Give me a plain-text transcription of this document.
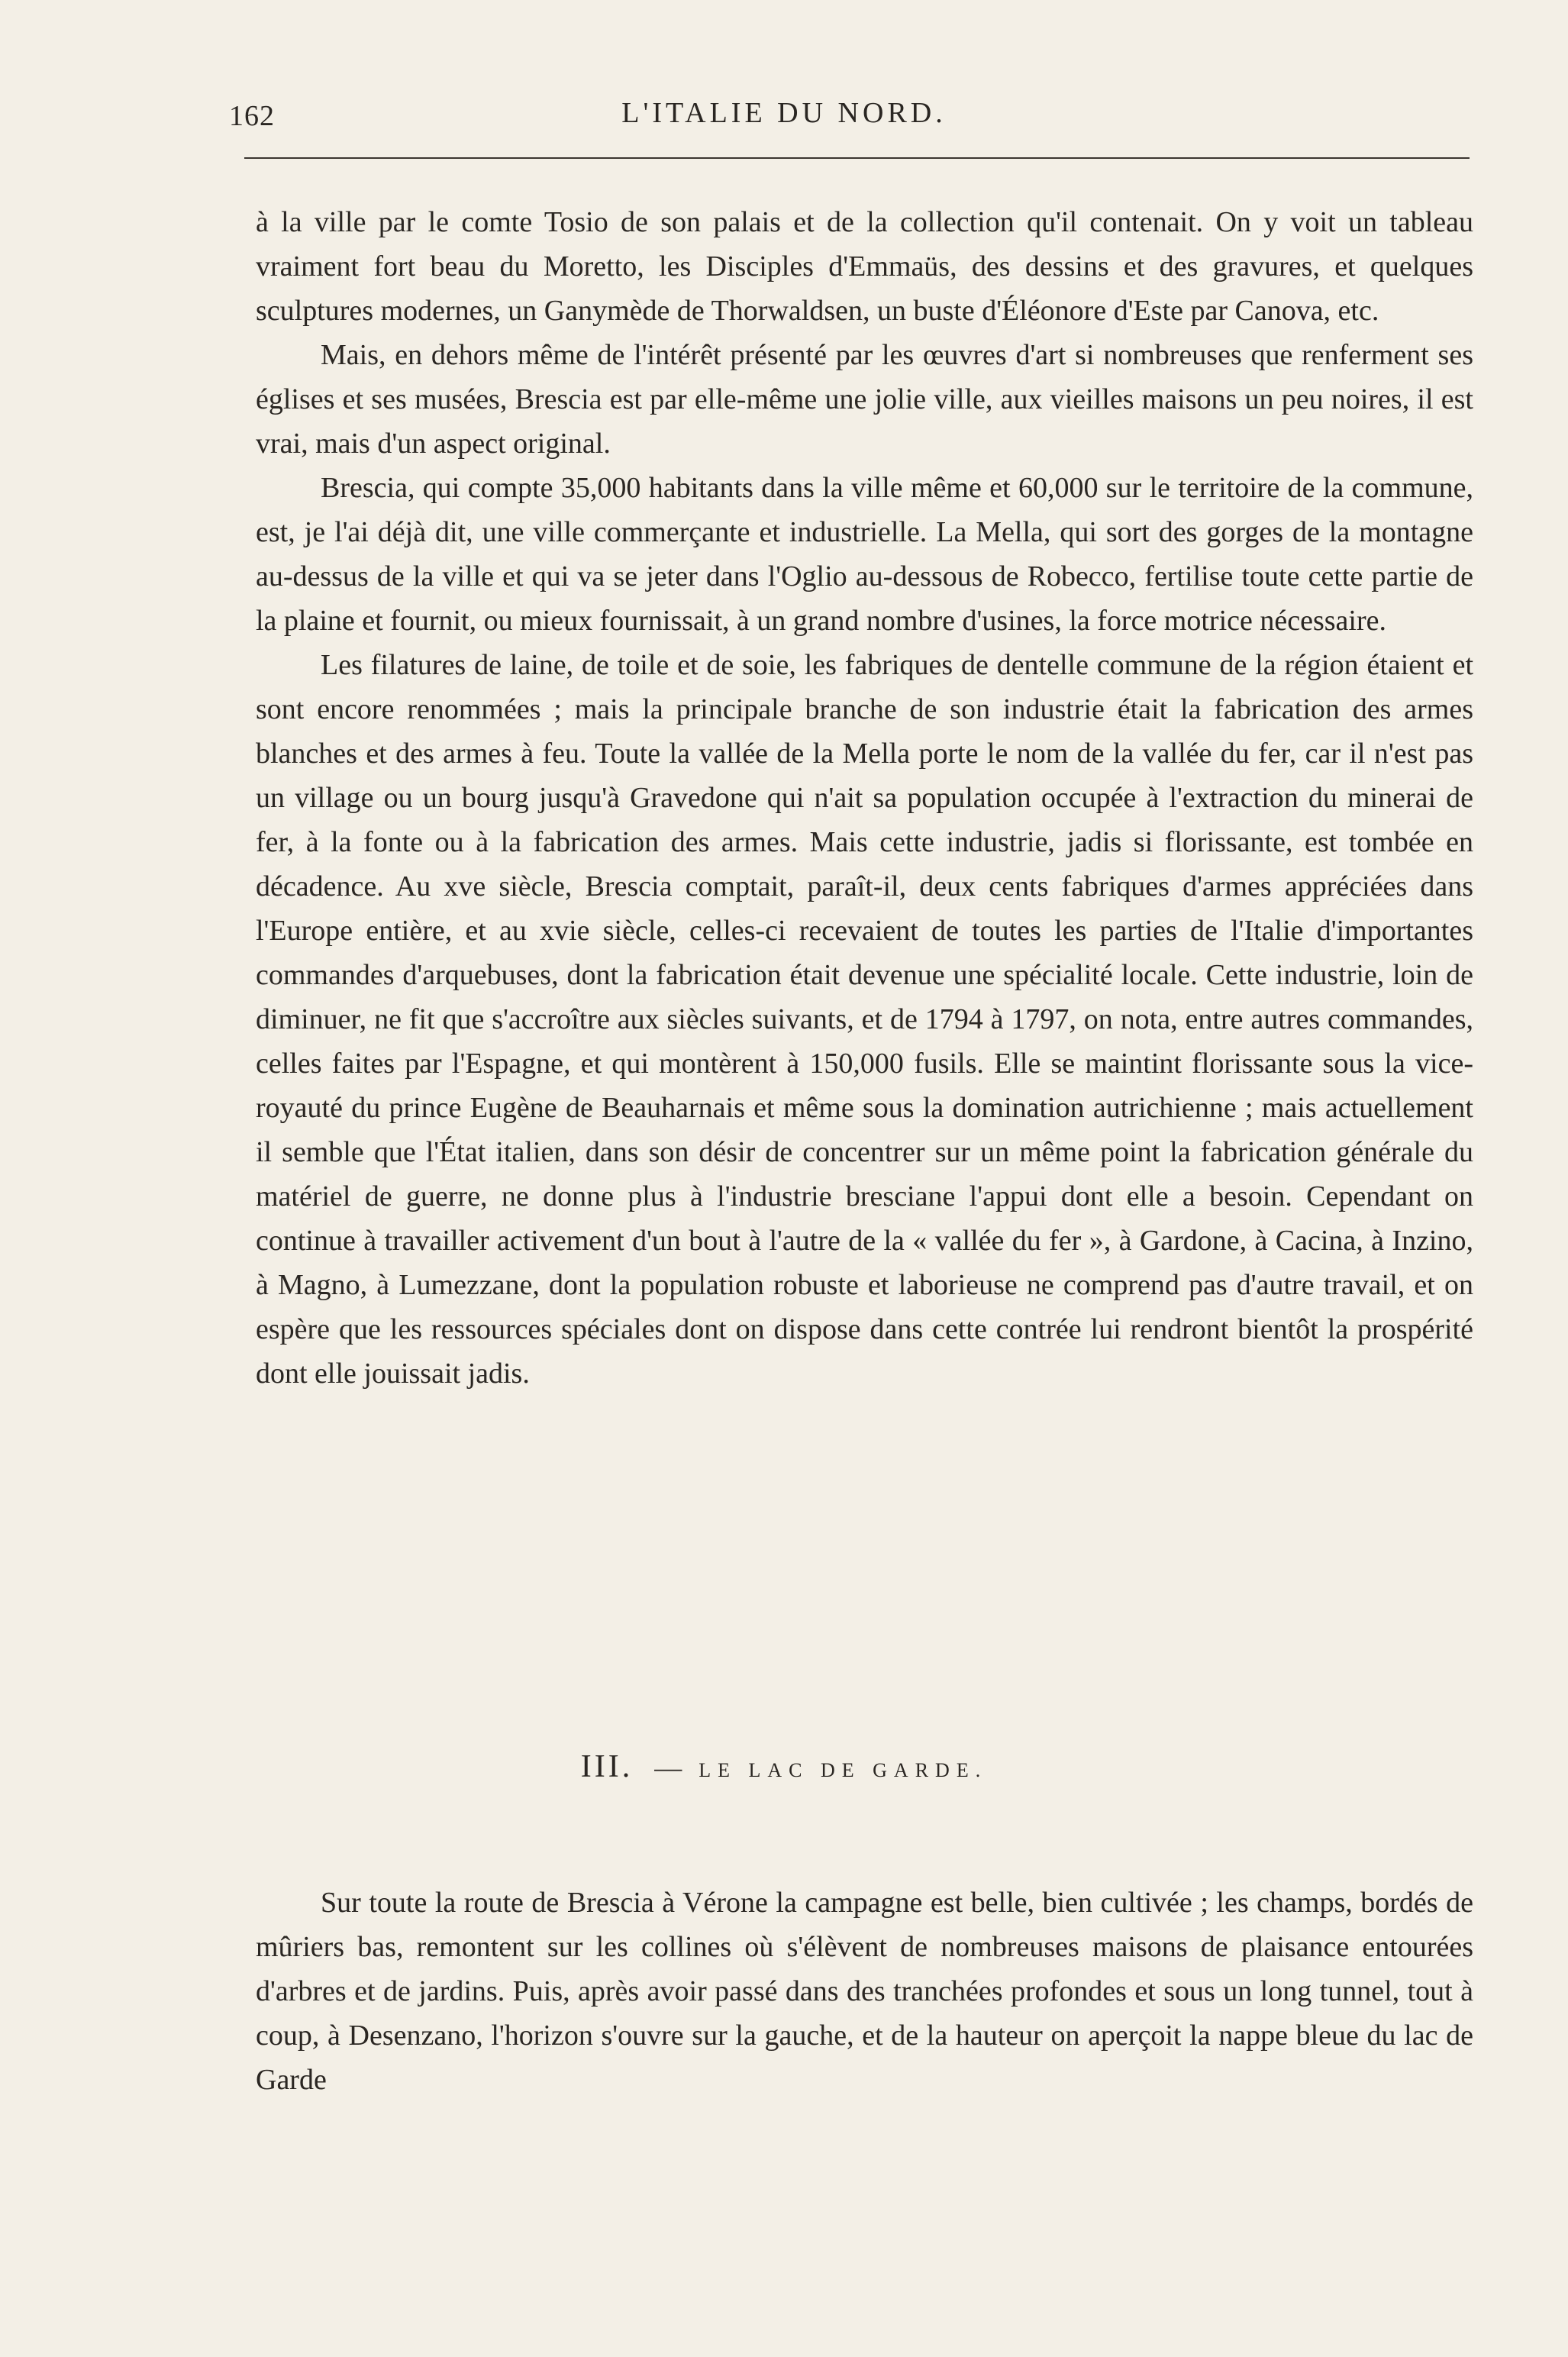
162	L'ITALIE DU NORD.

à la ville par le comte Tosio de son palais et de la collection qu'il contenait. On y voit un tableau vraiment fort beau du Moretto, les Disciples d'Emmaüs, des dessins et des gravures, et quelques sculptures modernes, un Ganymède de Thorwaldsen, un buste d'Éléonore d'Este par Canova, etc.

Mais, en dehors même de l'intérêt présenté par les œuvres d'art si nombreuses que renferment ses églises et ses musées, Brescia est par elle-même une jolie ville, aux vieilles maisons un peu noires, il est vrai, mais d'un aspect original.

Brescia, qui compte 35,000 habitants dans la ville même et 60,000 sur le territoire de la commune, est, je l'ai déjà dit, une ville commerçante et industrielle. La Mella, qui sort des gorges de la montagne au-dessus de la ville et qui va se jeter dans l'Oglio au-dessous de Robecco, fertilise toute cette partie de la plaine et fournit, ou mieux fournissait, à un grand nombre d'usines, la force motrice nécessaire.

Les filatures de laine, de toile et de soie, les fabriques de dentelle commune de la région étaient et sont encore renommées ; mais la principale branche de son industrie était la fabrication des armes blanches et des armes à feu. Toute la vallée de la Mella porte le nom de la vallée du fer, car il n'est pas un village ou un bourg jusqu'à Gravedone qui n'ait sa population occupée à l'extraction du minerai de fer, à la fonte ou à la fabrication des armes. Mais cette industrie, jadis si florissante, est tombée en décadence. Au xve siècle, Brescia comptait, paraît-il, deux cents fabriques d'armes appréciées dans l'Europe entière, et au xvie siècle, celles-ci recevaient de toutes les parties de l'Italie d'importantes commandes d'arquebuses, dont la fabrication était devenue une spécialité locale. Cette industrie, loin de diminuer, ne fit que s'accroître aux siècles suivants, et de 1794 à 1797, on nota, entre autres commandes, celles faites par l'Espagne, et qui montèrent à 150,000 fusils. Elle se maintint florissante sous la vice-royauté du prince Eugène de Beauharnais et même sous la domination autrichienne ; mais actuellement il semble que l'État italien, dans son désir de concentrer sur un même point la fabrication générale du matériel de guerre, ne donne plus à l'industrie bresciane l'appui dont elle a besoin. Cependant on continue à travailler activement d'un bout à l'autre de la « vallée du fer », à Gardone, à Cacina, à Inzino, à Magno, à Lumezzane, dont la population robuste et laborieuse ne comprend pas d'autre travail, et on espère que les ressources spéciales dont on dispose dans cette contrée lui rendront bientôt la prospérité dont elle jouissait jadis.

III. — LE LAC DE GARDE.

Sur toute la route de Brescia à Vérone la campagne est belle, bien cultivée ; les champs, bordés de mûriers bas, remontent sur les collines où s'élèvent de nombreuses maisons de plaisance entourées d'arbres et de jardins. Puis, après avoir passé dans des tranchées profondes et sous un long tunnel, tout à coup, à Desenzano, l'horizon s'ouvre sur la gauche, et de la hauteur on aperçoit la nappe bleue du lac de Garde
